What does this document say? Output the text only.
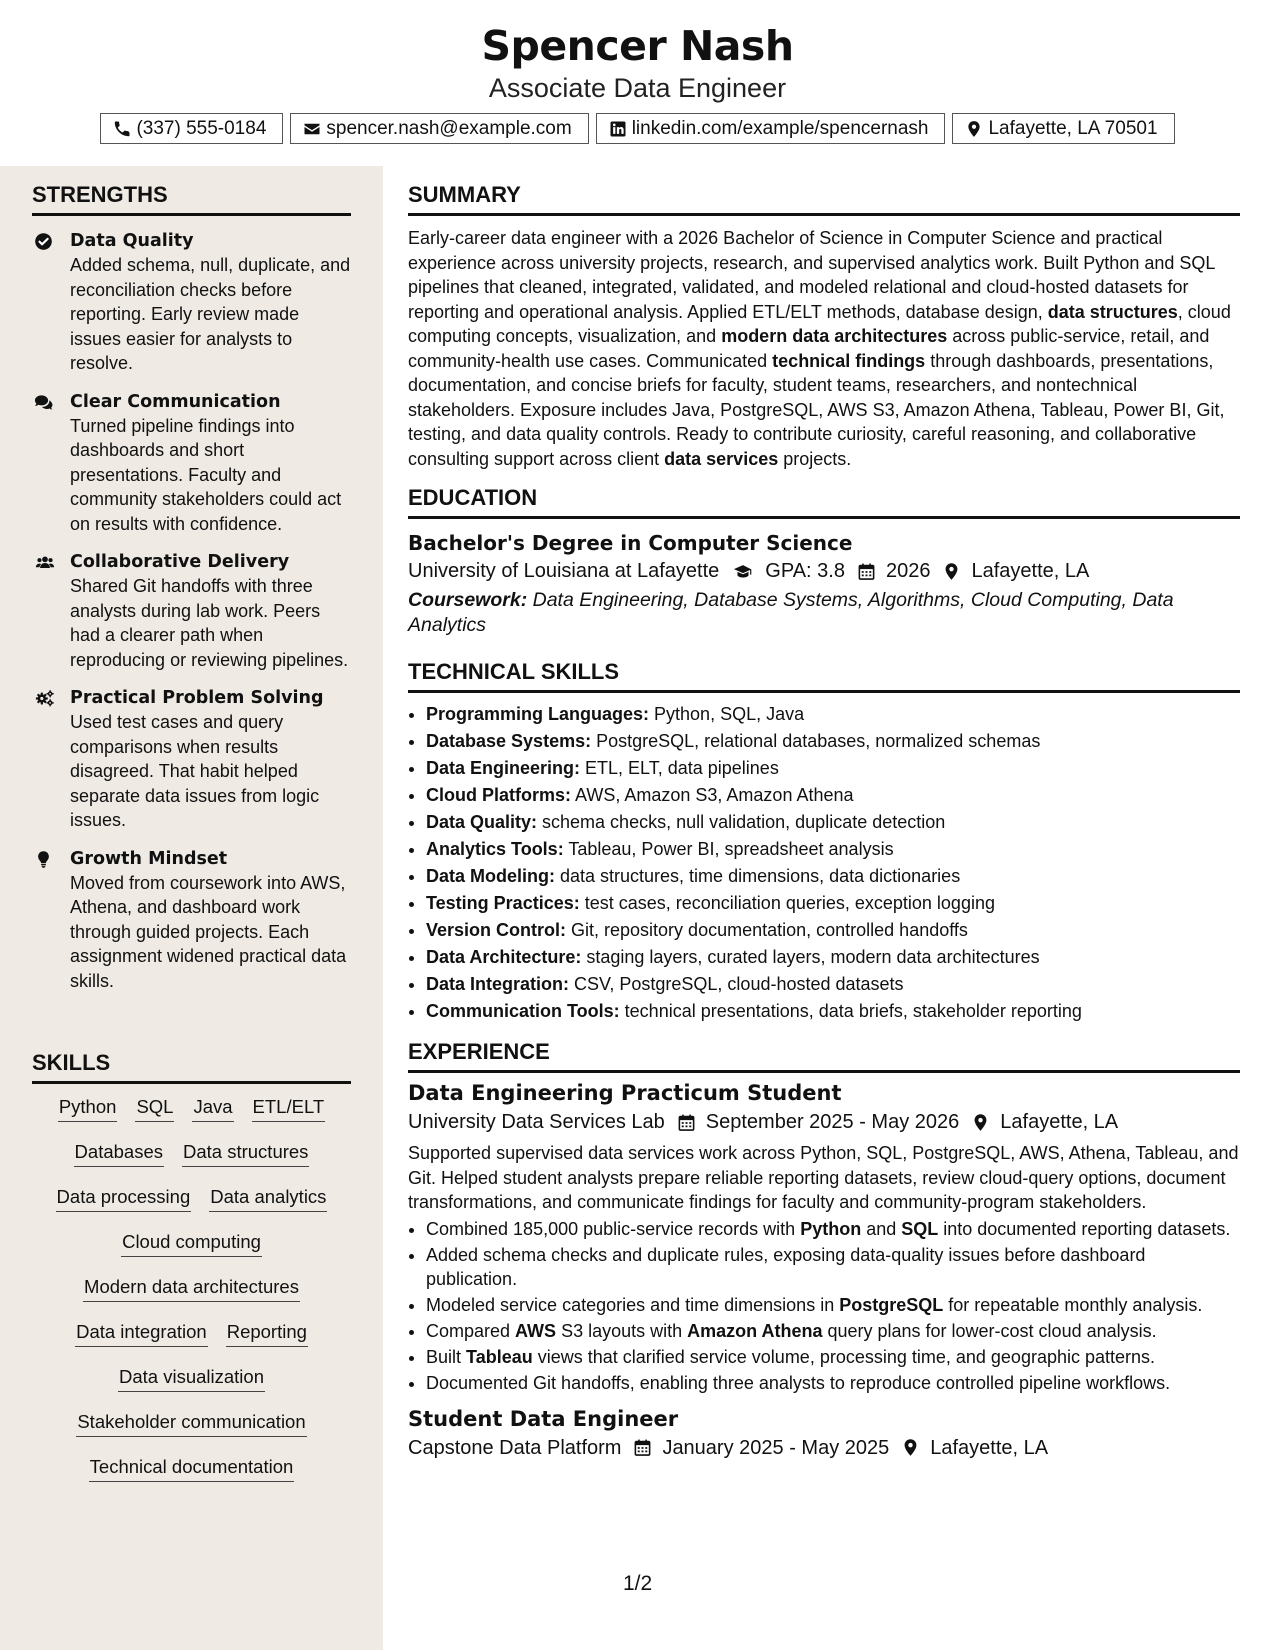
Spencer Nash
Associate Data Engineer
(337) 555-0184	spencer.nash@example.com	linkedin.com/example/spencernash	Lafayette, LA 70501
STRENGTHS
Data Quality
Added schema, null, duplicate, and reconciliation checks before reporting. Early review made issues easier for analysts to resolve.
Clear Communication
Turned pipeline findings into dashboards and short presentations. Faculty and community stakeholders could act on results with confidence.
Collaborative Delivery
Shared Git handoffs with three analysts during lab work. Peers had a clearer path when reproducing or reviewing pipelines.
Practical Problem Solving
Used test cases and query comparisons when results disagreed. That habit helped separate data issues from logic issues.
Growth Mindset
Moved from coursework into AWS, Athena, and dashboard work through guided projects. Each assignment widened practical data skills.
SKILLS
Python SQL Java ETL/ELT
Databases Data structures
Data processing Data analytics
Cloud computing
Modern data architectures
Data integration Reporting
Data visualization
Stakeholder communication
Technical documentation
SUMMARY
Early-career data engineer with a 2026 Bachelor of Science in Computer Science and practical experience across university projects, research, and supervised analytics work. Built Python and SQL pipelines that cleaned, integrated, validated, and modeled relational and cloud-hosted datasets for reporting and operational analysis. Applied ETL/ELT methods, database design, data structures, cloud computing concepts, visualization, and modern data architectures across public-service, retail, and community-health use cases. Communicated technical findings through dashboards, presentations, documentation, and concise briefs for faculty, student teams, researchers, and nontechnical stakeholders. Exposure includes Java, PostgreSQL, AWS S3, Amazon Athena, Tableau, Power BI, Git, testing, and data quality controls. Ready to contribute curiosity, careful reasoning, and collaborative consulting support across client data services projects.
EDUCATION
Bachelor's Degree in Computer Science
University of Louisiana at Lafayette GPA: 3.8 2026 Lafayette, LA
Coursework: Data Engineering, Database Systems, Algorithms, Cloud Computing, Data Analytics
TECHNICAL SKILLS
• Programming Languages: Python, SQL, Java
• Database Systems: PostgreSQL, relational databases, normalized schemas
• Data Engineering: ETL, ELT, data pipelines
• Cloud Platforms: AWS, Amazon S3, Amazon Athena
• Data Quality: schema checks, null validation, duplicate detection
• Analytics Tools: Tableau, Power BI, spreadsheet analysis
• Data Modeling: data structures, time dimensions, data dictionaries
• Testing Practices: test cases, reconciliation queries, exception logging
• Version Control: Git, repository documentation, controlled handoffs
• Data Architecture: staging layers, curated layers, modern data architectures
• Data Integration: CSV, PostgreSQL, cloud-hosted datasets
• Communication Tools: technical presentations, data briefs, stakeholder reporting
EXPERIENCE
Data Engineering Practicum Student
University Data Services Lab September 2025 - May 2026 Lafayette, LA
Supported supervised data services work across Python, SQL, PostgreSQL, AWS, Athena, Tableau, and Git. Helped student analysts prepare reliable reporting datasets, review cloud-query options, document transformations, and communicate findings for faculty and community-program stakeholders.
• Combined 185,000 public-service records with Python and SQL into documented reporting datasets.
• Added schema checks and duplicate rules, exposing data-quality issues before dashboard publication.
• Modeled service categories and time dimensions in PostgreSQL for repeatable monthly analysis.
• Compared AWS S3 layouts with Amazon Athena query plans for lower-cost cloud analysis.
• Built Tableau views that clarified service volume, processing time, and geographic patterns.
• Documented Git handoffs, enabling three analysts to reproduce controlled pipeline workflows.
Student Data Engineer
Capstone Data Platform January 2025 - May 2025 Lafayette, LA
1/2
